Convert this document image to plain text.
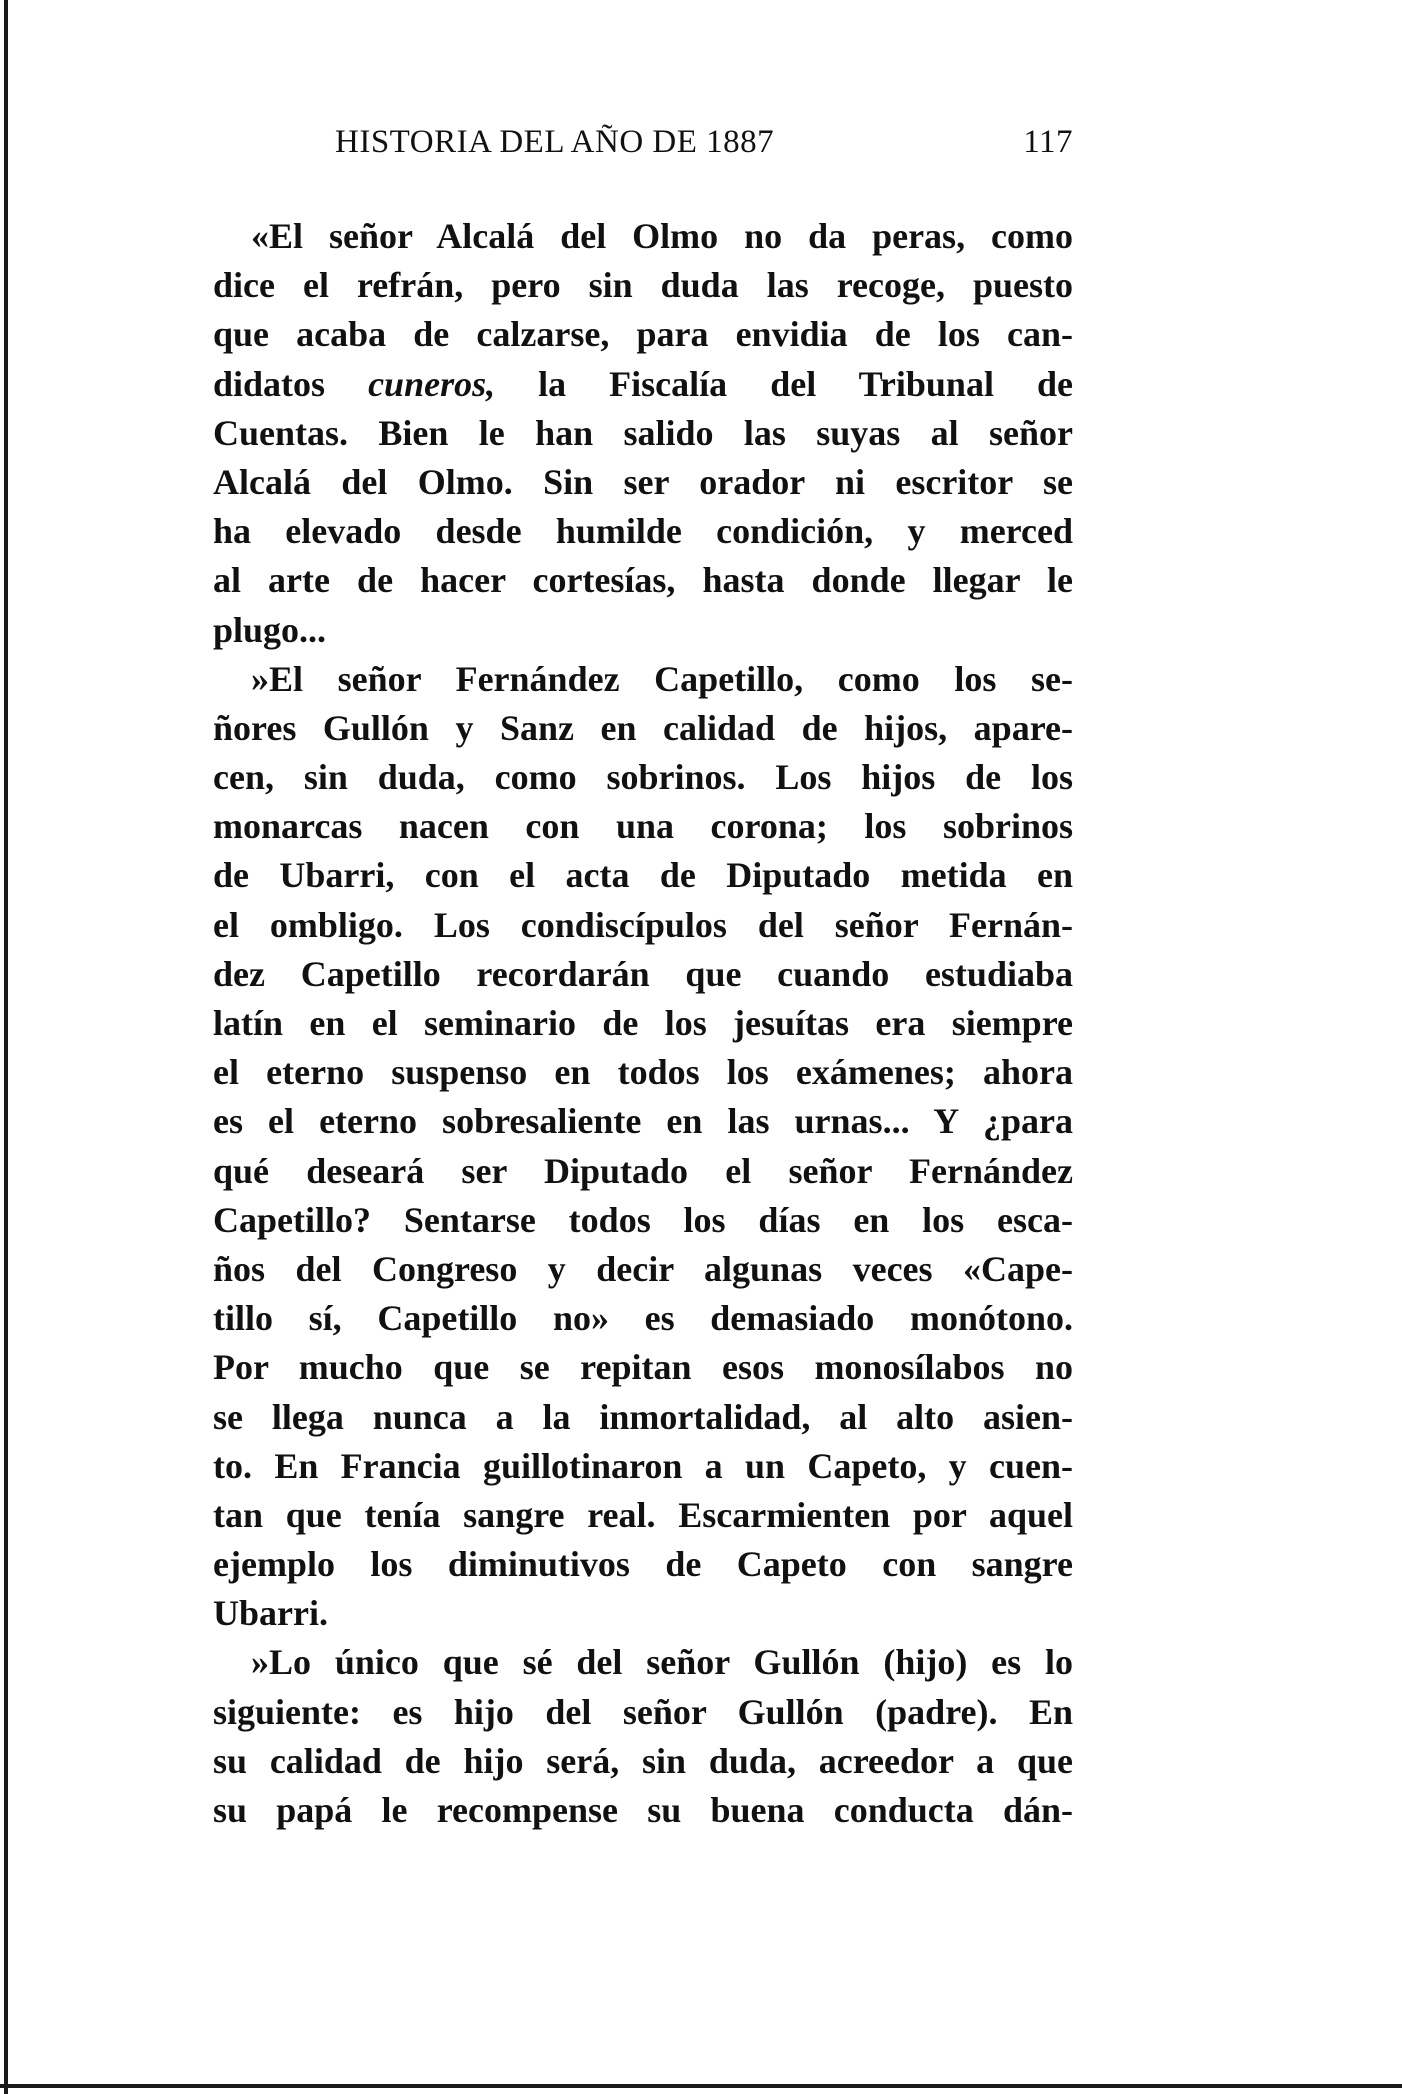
HISTORIA DEL AÑO DE 1887	117

«El señor Alcalá del Olmo no da peras, como
dice el refrán, pero sin duda las recoge, puesto
que acaba de calzarse, para envidia de los can-
didatos cuneros, la Fiscalía del Tribunal de
Cuentas. Bien le han salido las suyas al señor
Alcalá del Olmo. Sin ser orador ni escritor se
ha elevado desde humilde condición, y merced
al arte de hacer cortesías, hasta donde llegar le
plugo...

»El señor Fernández Capetillo, como los se-
ñores Gullón y Sanz en calidad de hijos, apare-
cen, sin duda, como sobrinos. Los hijos de los
monarcas nacen con una corona; los sobrinos
de Ubarri, con el acta de Diputado metida en
el ombligo. Los condiscípulos del señor Fernán-
dez Capetillo recordarán que cuando estudiaba
latín en el seminario de los jesuítas era siempre
el eterno suspenso en todos los exámenes; ahora
es el eterno sobresaliente en las urnas... Y ¿para
qué deseará ser Diputado el señor Fernández
Capetillo? Sentarse todos los días en los esca-
ños del Congreso y decir algunas veces «Cape-
tillo sí, Capetillo no» es demasiado monótono.
Por mucho que se repitan esos monosílabos no
se llega nunca a la inmortalidad, al alto asien-
to. En Francia guillotinaron a un Capeto, y cuen-
tan que tenía sangre real. Escarmienten por aquel
ejemplo los diminutivos de Capeto con sangre
Ubarri.

»Lo único que sé del señor Gullón (hijo) es lo
siguiente: es hijo del señor Gullón (padre). En
su calidad de hijo será, sin duda, acreedor a que
su papá le recompense su buena conducta dán-
